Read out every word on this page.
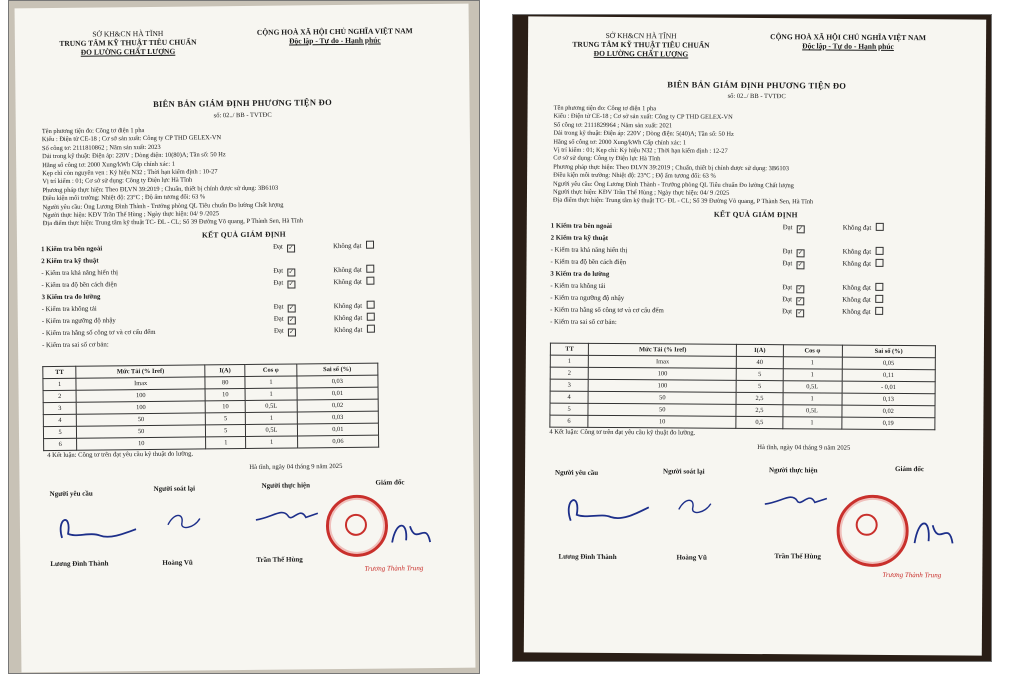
SỞ KH&CN HÀ TĨNH
TRUNG TÂM KỸ THUẬT TIÊU CHUẨN
ĐO LƯỜNG CHẤT LƯỢNG
CỘNG HOÀ XÃ HỘI CHỦ NGHĨA VIỆT NAM
Độc lập - Tự do - Hạnh phúc
BIÊN BẢN GIÁM ĐỊNH PHƯƠNG TIỆN ĐO
số: 02../ BB - TVTĐC
Tên phương tiện đo: Công tơ điện 1 pha
Kiểu : Điện tử CE-18 ; Cơ sở sản xuất: Công ty CP THD GELEX-VN
Số công tơ: 2111810862 ; Năm sản xuất: 2023
Dải trong kỹ thuật: Điện áp: 220V ; Dòng điện: 10(80)A; Tần số: 50 Hz
Hằng số công tơ: 2000 Xung/kWh Cấp chính xác: 1
Kẹp chì còn nguyên vẹn : Ký hiệu N32 ; Thời hạn kiểm định : 10-27
Vị trí kiểm : 01; Cơ sở sử dụng: Công ty Điện lực Hà Tĩnh
Phương pháp thực hiện: Theo ĐLVN 39:2019 ; Chuẩn, thiết bị chính được sử dụng: 3B6103
Điều kiện môi trường: Nhiệt độ: 23°C ; Độ ẩm tương đối: 63 %
Người yêu cầu: Ông Lương Đình Thành - Trưởng phòng QL Tiêu chuẩn Đo lường Chất lượng
Người thực hiện: KĐV Trần Thế Hùng ; Ngày thực hiện: 04/ 9 /2025
Địa điểm thực hiện: Trung tâm kỹ thuật TC- ĐL - CL; Số 39 Đường Võ quang, P Thành Sen, Hà Tĩnh
KẾT QUẢ GIÁM ĐỊNH
1 Kiểm tra bên ngoài	Đạt ✓	Không đạt
2 Kiểm tra kỹ thuật
- Kiểm tra khả năng hiển thị	Đạt ✓	Không đạt
- Kiểm tra độ bền cách điện	Đạt ✓	Không đạt
3 Kiểm tra đo lường
- Kiểm tra không tải	Đạt ✓	Không đạt
- Kiểm tra ngưỡng độ nhậy	Đạt ✓	Không đạt
- Kiểm tra hằng số công tơ và cơ cấu đếm	Đạt ✓	Không đạt
- Kiểm tra sai số cơ bản:
TT	Mức Tải (% Iref)	I(A)	Cos φ	Sai số (%)
1	Imax	80	1	0,03
2	100	10	1	0,01
3	100	10	0,5L	0,02
4	50	5	1	0,03
5	50	5	0,5L	0,01
6	10	1	1	0,06
4 Kết luận: Công tơ trên đạt yêu cầu kỹ thuật đo lường.
Hà tĩnh, ngày 04 tháng 9 năm 2025
Người yêu cầu
Người soát lại	Người thực hiện	Giám đốc
Lương Đình Thành	Hoàng Vũ	Trần Thế Hùng
Trương Thành Trung
SỞ KH&CN HÀ TĨNH
TRUNG TÂM KỸ THUẬT TIÊU CHUẨN
ĐO LƯỜNG CHẤT LƯỢNG
CỘNG HOÀ XÃ HỘI CHỦ NGHĨA VIỆT NAM
Độc lập - Tự do - Hạnh phúc
BIÊN BẢN GIÁM ĐỊNH PHƯƠNG TIỆN ĐO
số: 02../ BB - TVTĐC
Tên phương tiện đo: Công tơ điện 1 pha
Kiểu : Điện tử CE-18 ; Cơ sở sản xuất: Công ty CP THD GELEX-VN
Số công tơ: 2111829964 ; Năm sản xuất: 2021
Dải trong kỹ thuật: Điện áp: 220V ; Dòng điện: 5(40)A; Tần số: 50 Hz
Hằng số công tơ: 2000 Xung/kWh Cấp chính xác: 1
Vị trí kiểm : 01; Kẹp chì: Ký hiệu N32 ; Thời hạn kiểm định : 12-27
Cơ sở sử dụng: Công ty Điện lực Hà Tĩnh
Phương pháp thực hiện: Theo ĐLVN 39:2019 ; Chuẩn, thiết bị chính được sử dụng: 3B6103
Điều kiện môi trường: Nhiệt độ: 23°C ; Độ ẩm tương đối: 63 %
Người yêu cầu: Ông Lương Đình Thành - Trưởng phòng QL Tiêu chuẩn Đo lường Chất lượng
Người thực hiện: KĐV Trần Thế Hùng ; Ngày thực hiện: 04/ 9 /2025
Địa điểm thực hiện: Trung tâm kỹ thuật TC- ĐL - CL; Số 39 Đường Võ quang, P Thành Sen, Hà Tĩnh
KẾT QUẢ GIÁM ĐỊNH
1 Kiểm tra bên ngoài	Đạt ✓	Không đạt
2 Kiểm tra kỹ thuật
- Kiểm tra khả năng hiển thị	Đạt ✓	Không đạt
- Kiểm tra độ bền cách điện	Đạt ✓	Không đạt
3 Kiểm tra đo lường
- Kiểm tra không tải	Đạt ✓	Không đạt
- Kiểm tra ngưỡng độ nhậy	Đạt ✓	Không đạt
- Kiểm tra hằng số công tơ và cơ cấu đếm	Đạt ✓	Không đạt
- Kiểm tra sai số cơ bản:
TT	Mức Tải (% Iref)	I(A)	Cos φ	Sai số (%)
1	Imax	40	1	0,05
2	100	5	1	0,11
3	100	5	0,5L	- 0,01
4	50	2,5	1	0,13
5	50	2,5	0,5L	0,02
6	10	0,5	1	0,19
4 Kết luận: Công tơ trên đạt yêu cầu kỹ thuật đo lường.
Hà tĩnh, ngày 04 tháng 9 năm 2025
Người yêu cầu	Người soát lại	Người thực hiện	Giám đốc
Lương Đình Thành	Hoàng Vũ	Trần Thế Hùng
Trương Thành Trung
